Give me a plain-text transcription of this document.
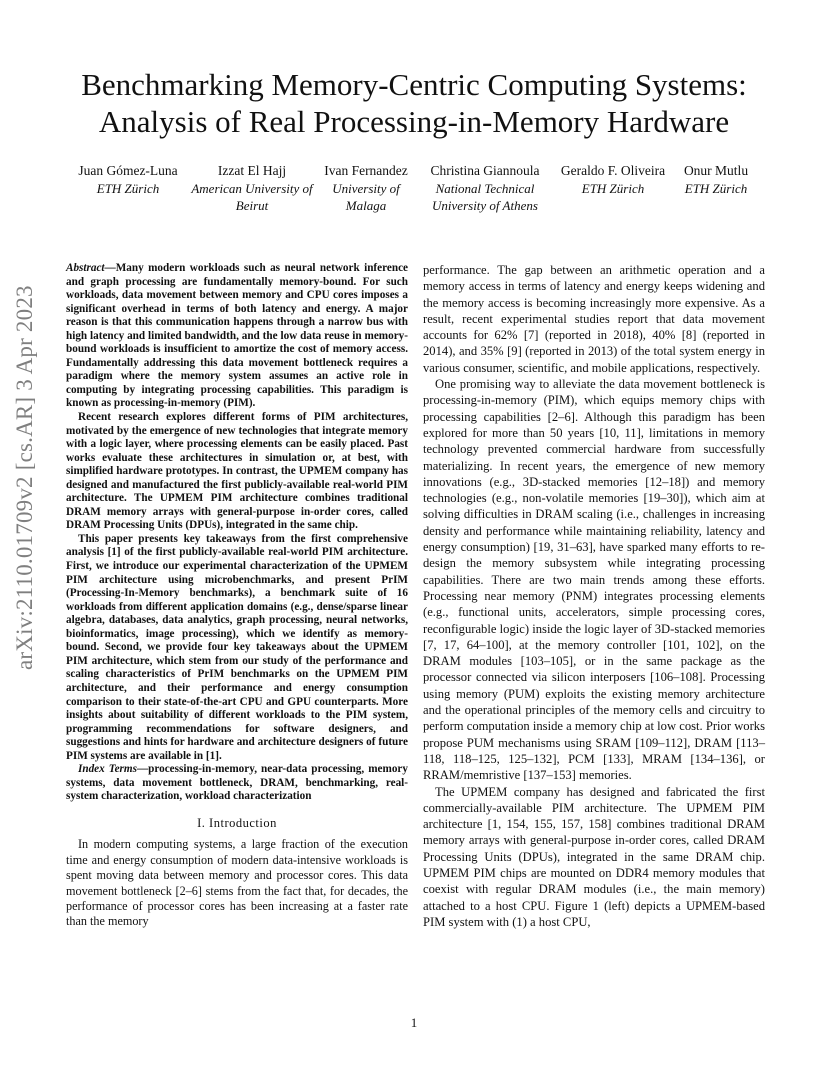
arXiv:2110.01709v2 [cs.AR] 3 Apr 2023
Benchmarking Memory-Centric Computing Systems: Analysis of Real Processing-in-Memory Hardware
Juan Gómez-Luna
ETH Zürich
Izzat El Hajj
American University of Beirut
Ivan Fernandez
University of Malaga
Christina Giannoula
National Technical University of Athens
Geraldo F. Oliveira
ETH Zürich
Onur Mutlu
ETH Zürich

Abstract—Many modern workloads such as neural network inference and graph processing are fundamentally memory-bound. For such workloads, data movement between memory and CPU cores imposes a significant overhead in terms of both latency and energy. A major reason is that this communication happens through a narrow bus with high latency and limited bandwidth, and the low data reuse in memory-bound workloads is insufficient to amortize the cost of memory access. Fundamentally addressing this data movement bottleneck requires a paradigm where the memory system assumes an active role in computing by integrating processing capabilities. This paradigm is known as processing-in-memory (PIM).

Recent research explores different forms of PIM architectures, motivated by the emergence of new technologies that integrate memory with a logic layer, where processing elements can be easily placed. Past works evaluate these architectures in simulation or, at best, with simplified hardware prototypes. In contrast, the UPMEM company has designed and manufactured the first publicly-available real-world PIM architecture. The UPMEM PIM architecture combines traditional DRAM memory arrays with general-purpose in-order cores, called DRAM Processing Units (DPUs), integrated in the same chip.

This paper presents key takeaways from the first comprehensive analysis [1] of the first publicly-available real-world PIM architecture. First, we introduce our experimental characterization of the UPMEM PIM architecture using microbenchmarks, and present PrIM (Processing-In-Memory benchmarks), a benchmark suite of 16 workloads from different application domains (e.g., dense/sparse linear algebra, databases, data analytics, graph processing, neural networks, bioinformatics, image processing), which we identify as memory-bound. Second, we provide four key takeaways about the UPMEM PIM architecture, which stem from our study of the performance and scaling characteristics of PrIM benchmarks on the UPMEM PIM architecture, and their performance and energy consumption comparison to their state-of-the-art CPU and GPU counterparts. More insights about suitability of different workloads to the PIM system, programming recommendations for software designers, and suggestions and hints for hardware and architecture designers of future PIM systems are available in [1].

Index Terms—processing-in-memory, near-data processing, memory systems, data movement bottleneck, DRAM, benchmarking, real-system characterization, workload characterization

I. Introduction

In modern computing systems, a large fraction of the execution time and energy consumption of modern data-intensive workloads is spent moving data between memory and processor cores. This data movement bottleneck [2–6] stems from the fact that, for decades, the performance of processor cores has been increasing at a faster rate than the memory

performance. The gap between an arithmetic operation and a memory access in terms of latency and energy keeps widening and the memory access is becoming increasingly more expensive. As a result, recent experimental studies report that data movement accounts for 62% [7] (reported in 2018), 40% [8] (reported in 2014), and 35% [9] (reported in 2013) of the total system energy in various consumer, scientific, and mobile applications, respectively.

One promising way to alleviate the data movement bottleneck is processing-in-memory (PIM), which equips memory chips with processing capabilities [2–6]. Although this paradigm has been explored for more than 50 years [10, 11], limitations in memory technology prevented commercial hardware from successfully materializing. In recent years, the emergence of new memory innovations (e.g., 3D-stacked memories [12–18]) and memory technologies (e.g., non-volatile memories [19–30]), which aim at solving difficulties in DRAM scaling (i.e., challenges in increasing density and performance while maintaining reliability, latency and energy consumption) [19, 31–63], have sparked many efforts to re-design the memory subsystem while integrating processing capabilities. There are two main trends among these efforts. Processing near memory (PNM) integrates processing elements (e.g., functional units, accelerators, simple processing cores, reconfigurable logic) inside the logic layer of 3D-stacked memories [7, 17, 64–100], at the memory controller [101, 102], on the DRAM modules [103–105], or in the same package as the processor connected via silicon interposers [106–108]. Processing using memory (PUM) exploits the existing memory architecture and the operational principles of the memory cells and circuitry to perform computation inside a memory chip at low cost. Prior works propose PUM mechanisms using SRAM [109–112], DRAM [113–118, 118–125, 125–132], PCM [133], MRAM [134–136], or RRAM/memristive [137–153] memories.

The UPMEM company has designed and fabricated the first commercially-available PIM architecture. The UPMEM PIM architecture [1, 154, 155, 157, 158] combines traditional DRAM memory arrays with general-purpose in-order cores, called DRAM Processing Units (DPUs), integrated in the same DRAM chip. UPMEM PIM chips are mounted on DDR4 memory modules that coexist with regular DRAM modules (i.e., the main memory) attached to a host CPU. Figure 1 (left) depicts a UPMEM-based PIM system with (1) a host CPU,

1
